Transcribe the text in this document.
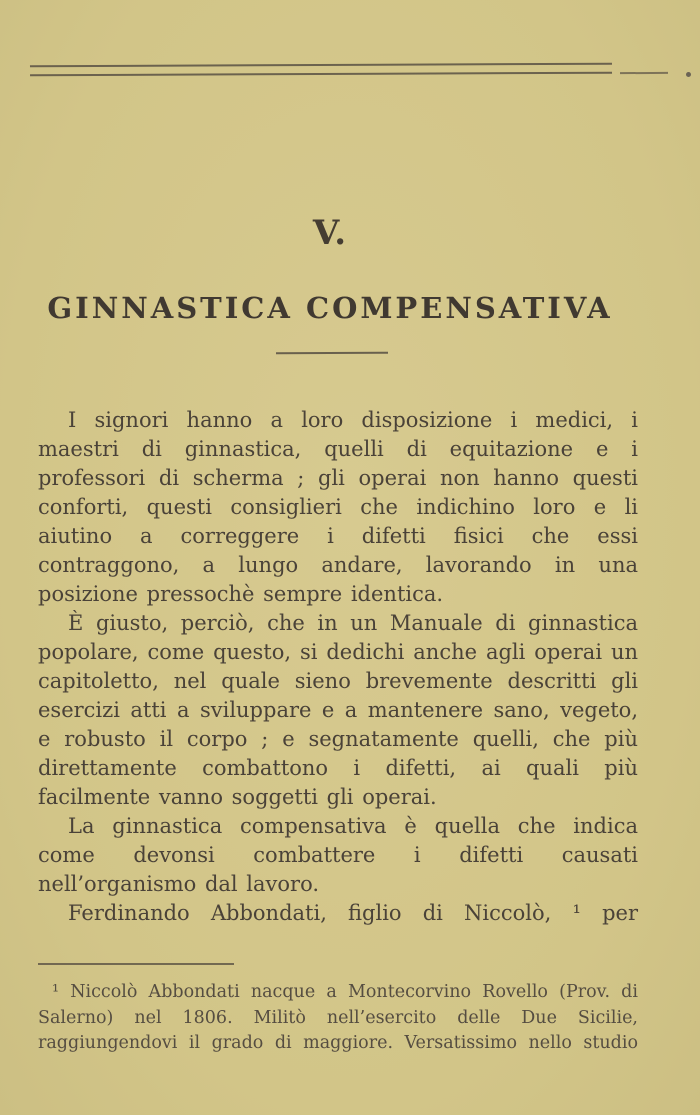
V.
GINNASTICA COMPENSATIVA

I signori hanno a loro disposizione i medici, i maestri di ginnastica, quelli di equitazione e i professori di scherma ; gli operai non hanno questi conforti, questi consiglieri che indichino loro e li aiutino a correggere i difetti fisici che essi contraggono, a lungo andare, lavorando in una posizione pressochè sempre identica.

È giusto, perciò, che in un Manuale di ginnastica popolare, come questo, si dedichi anche agli operai un capitoletto, nel quale sieno brevemente descritti gli esercizi atti a sviluppare e a mantenere sano, vegeto, e robusto il corpo ; e segnatamente quelli, che più direttamente combattono i difetti, ai quali più facilmente vanno soggetti gli operai.

La ginnastica compensativa è quella che indica come devonsi combattere i difetti causati nell’organismo dal lavoro.

Ferdinando Abbondati, figlio di Niccolò, ¹ per

¹ Niccolò Abbondati nacque a Montecorvino Rovello (Prov. di Salerno) nel 1806. Militò nell’esercito delle Due Sicilie, raggiungendovi il grado di maggiore. Versatissimo nello studio
